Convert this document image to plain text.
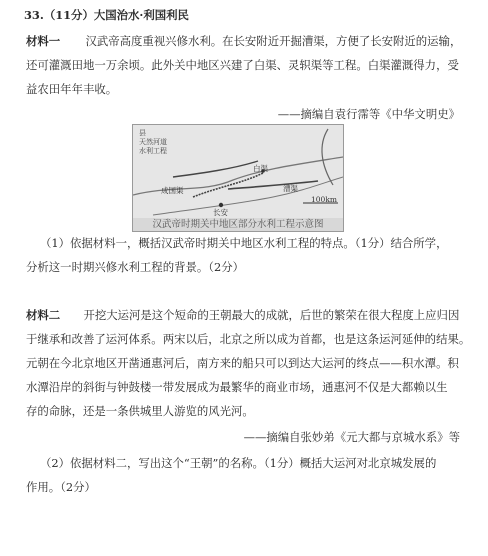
33.（11分）大国治水·利国利民
材料一 汉武帝高度重视兴修水利。在长安附近开掘漕渠，方便了长安附近的运输，
还可灌溉田地一万余顷。此外关中地区兴建了白渠、灵轵渠等工程。白渠灌溉得力，受
益农田年年丰收。
——摘编自袁行霈等《中华文明史》
县
天然河道
水利工程
白渠
漕渠
成国渠
长安
100km
汉武帝时期关中地区部分水利工程示意图
（1）依据材料一，概括汉武帝时期关中地区水利工程的特点。（1分）结合所学，
分析这一时期兴修水利工程的背景。（2分）
材料二 开挖大运河是这个短命的王朝最大的成就，后世的繁荣在很大程度上应归因
于继承和改善了运河体系。两宋以后，北京之所以成为首都，也是这条运河延伸的结果。
元朝在今北京地区开凿通惠河后，南方来的船只可以到达大运河的终点——积水潭。积
水潭沿岸的斜街与钟鼓楼一带发展成为最繁华的商业市场，通惠河不仅是大都赖以生
存的命脉，还是一条供城里人游览的风光河。
——摘编自张妙弟《元大都与京城水系》等
（2）依据材料二，写出这个“王朝”的名称。（1分）概括大运河对北京城发展的
作用。（2分）
